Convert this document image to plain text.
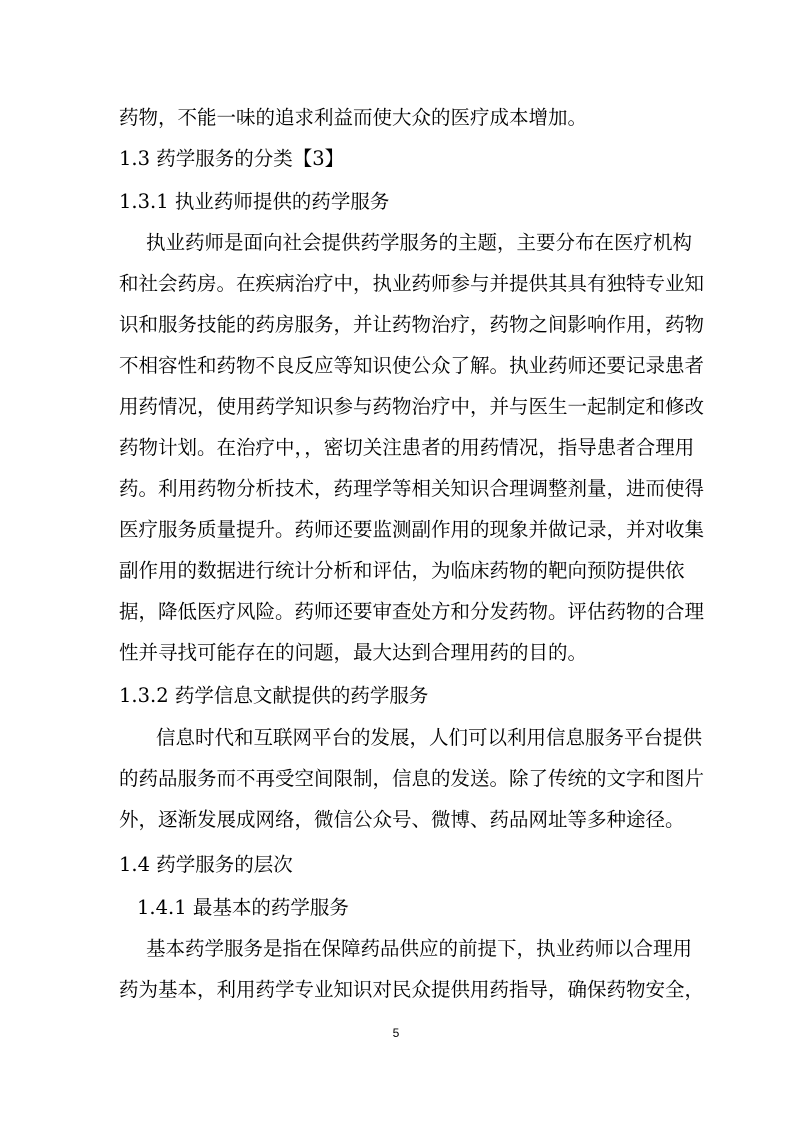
药物，不能一味的追求利益而使大众的医疗成本增加。
1.3 药学服务的分类【3】
1.3.1 执业药师提供的药学服务
执业药师是面向社会提供药学服务的主题，主要分布在医疗机构
和社会药房。在疾病治疗中，执业药师参与并提供其具有独特专业知
识和服务技能的药房服务，并让药物治疗，药物之间影响作用，药物
不相容性和药物不良反应等知识使公众了解。执业药师还要记录患者
用药情况，使用药学知识参与药物治疗中，并与医生一起制定和修改
药物计划。在治疗中，，密切关注患者的用药情况，指导患者合理用
药。利用药物分析技术，药理学等相关知识合理调整剂量，进而使得
医疗服务质量提升。药师还要监测副作用的现象并做记录，并对收集
副作用的数据进行统计分析和评估，为临床药物的靶向预防提供依
据，降低医疗风险。药师还要审查处方和分发药物。评估药物的合理
性并寻找可能存在的问题，最大达到合理用药的目的。
1.3.2 药学信息文献提供的药学服务
信息时代和互联网平台的发展，人们可以利用信息服务平台提供
的药品服务而不再受空间限制，信息的发送。除了传统的文字和图片
外，逐渐发展成网络，微信公众号、微博、药品网址等多种途径。
1.4 药学服务的层次
1.4.1 最基本的药学服务
基本药学服务是指在保障药品供应的前提下，执业药师以合理用
药为基本，利用药学专业知识对民众提供用药指导，确保药物安全，
5
